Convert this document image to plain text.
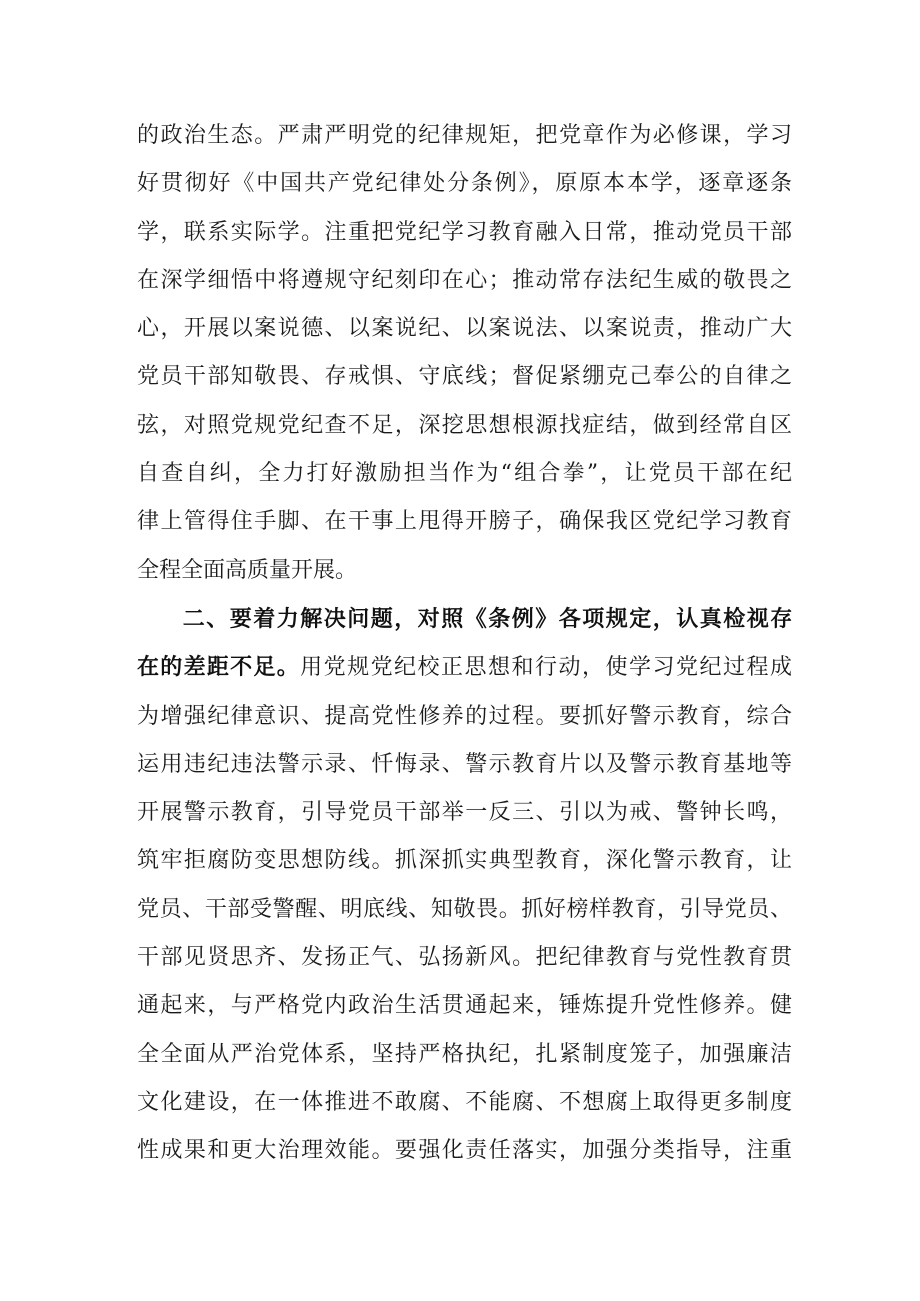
的政治生态。严肃严明党的纪律规矩，把党章作为必修课，学习
好贯彻好《中国共产党纪律处分条例》，原原本本学，逐章逐条
学，联系实际学。注重把党纪学习教育融入日常，推动党员干部
在深学细悟中将遵规守纪刻印在心；推动常存法纪生威的敬畏之
心，开展以案说德、以案说纪、以案说法、以案说责，推动广大
党员干部知敬畏、存戒惧、守底线；督促紧绷克己奉公的自律之
弦，对照党规党纪查不足，深挖思想根源找症结，做到经常自区
自查自纠，全力打好激励担当作为“组合拳”，让党员干部在纪
律上管得住手脚、在干事上甩得开膀子，确保我区党纪学习教育
全程全面高质量开展。
二、要着力解决问题，对照《条例》各项规定，认真检视存
在的差距不足。用党规党纪校正思想和行动，使学习党纪过程成
为增强纪律意识、提高党性修养的过程。要抓好警示教育，综合
运用违纪违法警示录、忏悔录、警示教育片以及警示教育基地等
开展警示教育，引导党员干部举一反三、引以为戒、警钟长鸣，
筑牢拒腐防变思想防线。抓深抓实典型教育，深化警示教育，让
党员、干部受警醒、明底线、知敬畏。抓好榜样教育，引导党员、
干部见贤思齐、发扬正气、弘扬新风。把纪律教育与党性教育贯
通起来，与严格党内政治生活贯通起来，锤炼提升党性修养。健
全全面从严治党体系，坚持严格执纪，扎紧制度笼子，加强廉洁
文化建设，在一体推进不敢腐、不能腐、不想腐上取得更多制度
性成果和更大治理效能。要强化责任落实，加强分类指导，注重
